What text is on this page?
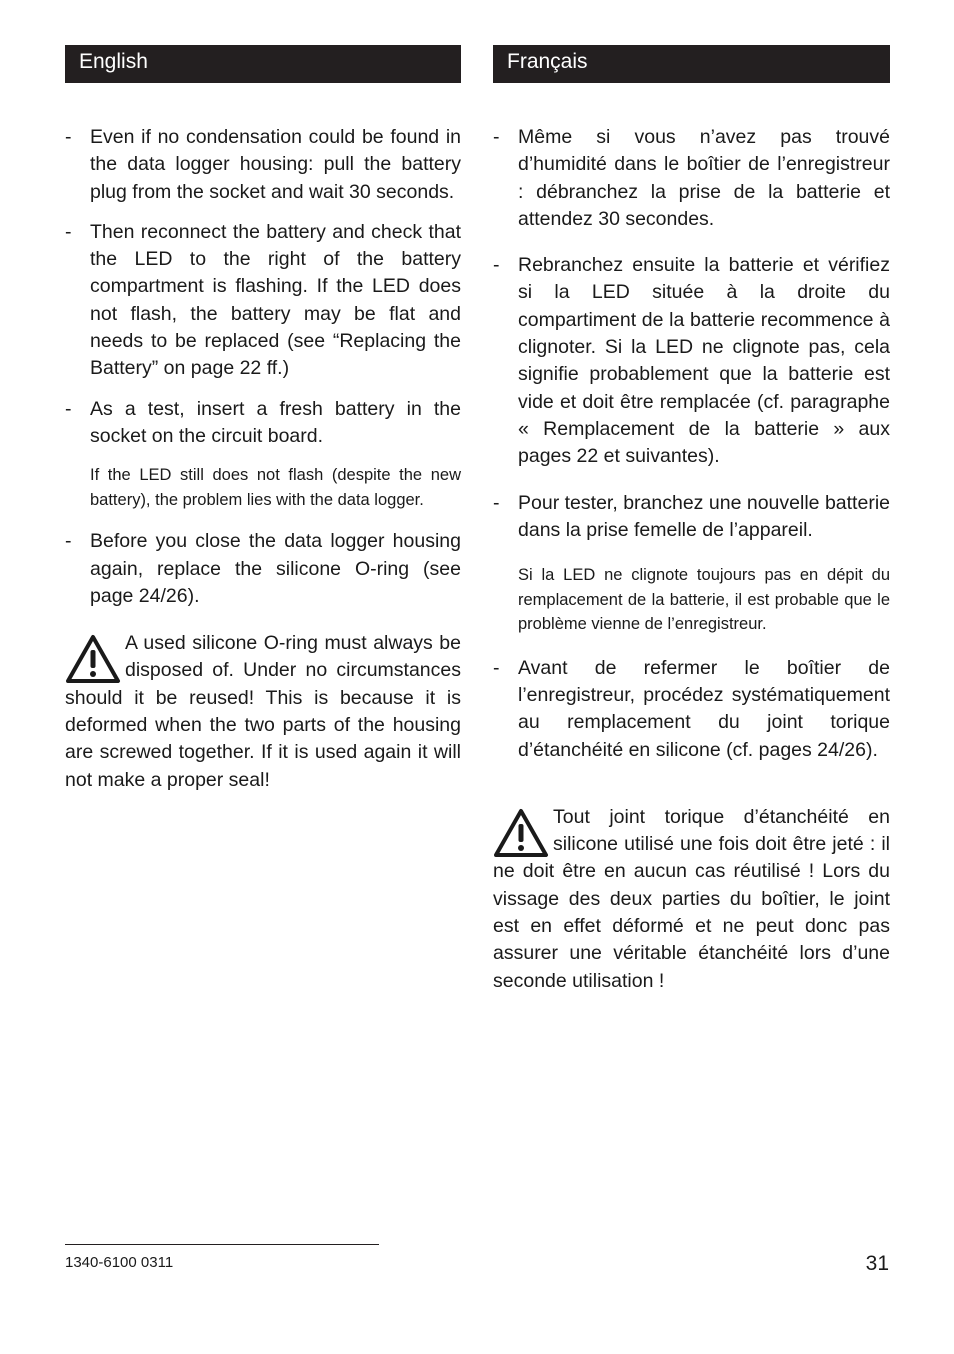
English	Français
- Even if no condensation could be found in the data logger housing: pull the battery plug from the socket and wait 30 seconds.
- Then reconnect the battery and check that the LED to the right of the battery compartment is flashing. If the LED does not flash, the battery may be flat and needs to be replaced (see “Replacing the Battery” on page 22 ff.)
- As a test, insert a fresh battery in the socket on the circuit board.

If the LED still does not flash (despite the new battery), the problem lies with the data logger.

- Before you close the data logger housing again, replace the silicone O-ring (see page 24/26).
A used silicone O-ring must always be disposed of. Under no circumstances should it be reused! This is because it is deformed when the two parts of the housing are screwed together. If it is used again it will not make a proper seal!
- Même si vous n’avez pas trouvé d’humidité dans le boîtier de l’enregistreur : débranchez la prise de la batterie et attendez 30 secondes.
- Rebranchez ensuite la batterie et vérifiez si la LED située à la droite du compartiment de la batterie recommence à clignoter. Si la LED ne clignote pas, cela signifie probablement que la batterie est vide et doit être remplacée (cf. paragraphe « Remplacement de la batterie » aux pages 22 et suivantes).
- Pour tester, branchez une nouvelle batterie dans la prise femelle de l’appareil.

Si la LED ne clignote toujours pas en dépit du remplacement de la batterie, il est probable que le problème vienne de l’enregistreur.

- Avant de refermer le boîtier de l’enregistreur, procédez systématiquement au remplacement du joint torique d’étanchéité en silicone (cf. pages 24/26).
Tout joint torique d’étanchéité en silicone utilisé une fois doit être jeté : il ne doit être en aucun cas réutilisé ! Lors du vissage des deux parties du boîtier, le joint est en effet déformé et ne peut donc pas assurer une véritable étanchéité lors d’une seconde utilisation !
1340-6100 0311	31
